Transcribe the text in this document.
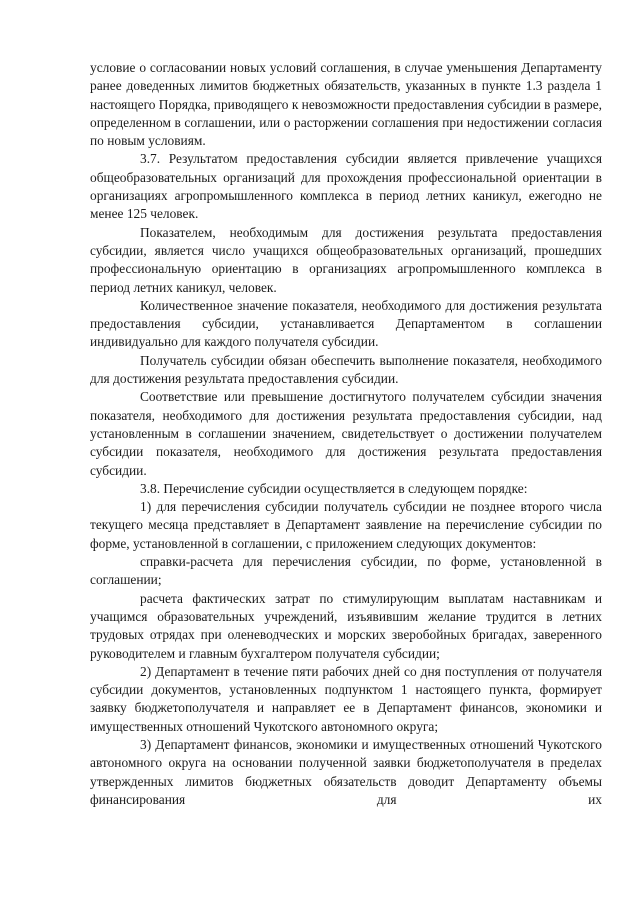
условие о согласовании новых условий соглашения, в случае уменьшения Департаменту ранее доведенных лимитов бюджетных обязательств, указанных в пункте 1.3 раздела 1 настоящего Порядка, приводящего к невозможности предоставления субсидии в размере, определенном в соглашении, или о расторжении соглашения при недостижении согласия по новым условиям.

3.7. Результатом предоставления субсидии является привлечение учащихся общеобразовательных организаций для прохождения профессиональной ориентации в организациях агропромышленного комплекса в период летних каникул, ежегодно не менее 125 человек.

Показателем, необходимым для достижения результата предоставления субсидии, является число учащихся общеобразовательных организаций, прошедших профессиональную ориентацию в организациях агропромышленного комплекса в период летних каникул, человек.

Количественное значение показателя, необходимого для достижения результата предоставления субсидии, устанавливается Департаментом в соглашении индивидуально для каждого получателя субсидии.

Получатель субсидии обязан обеспечить выполнение показателя, необходимого для достижения результата предоставления субсидии.

Соответствие или превышение достигнутого получателем субсидии значения показателя, необходимого для достижения результата предоставления субсидии, над установленным в соглашении значением, свидетельствует о достижении получателем субсидии показателя, необходимого для достижения результата предоставления субсидии.

3.8. Перечисление субсидии осуществляется в следующем порядке:

1) для перечисления субсидии получатель субсидии не позднее второго числа текущего месяца представляет в Департамент заявление на перечисление субсидии по форме, установленной в соглашении, с приложением следующих документов:

справки-расчета для перечисления субсидии, по форме, установленной в соглашении;

расчета фактических затрат по стимулирующим выплатам наставникам и учащимся образовательных учреждений, изъявившим желание трудится в летних трудовых отрядах при оленеводческих и морских зверобойных бригадах, заверенного руководителем и главным бухгалтером получателя субсидии;

2) Департамент в течение пяти рабочих дней со дня поступления от получателя субсидии документов, установленных подпунктом 1 настоящего пункта, формирует заявку бюджетополучателя и направляет ее в Департамент финансов, экономики и имущественных отношений Чукотского автономного округа;

3) Департамент финансов, экономики и имущественных отношений Чукотского автономного округа на основании полученной заявки бюджетополучателя в пределах утвержденных лимитов бюджетных обязательств доводит Департаменту объемы финансирования для их
